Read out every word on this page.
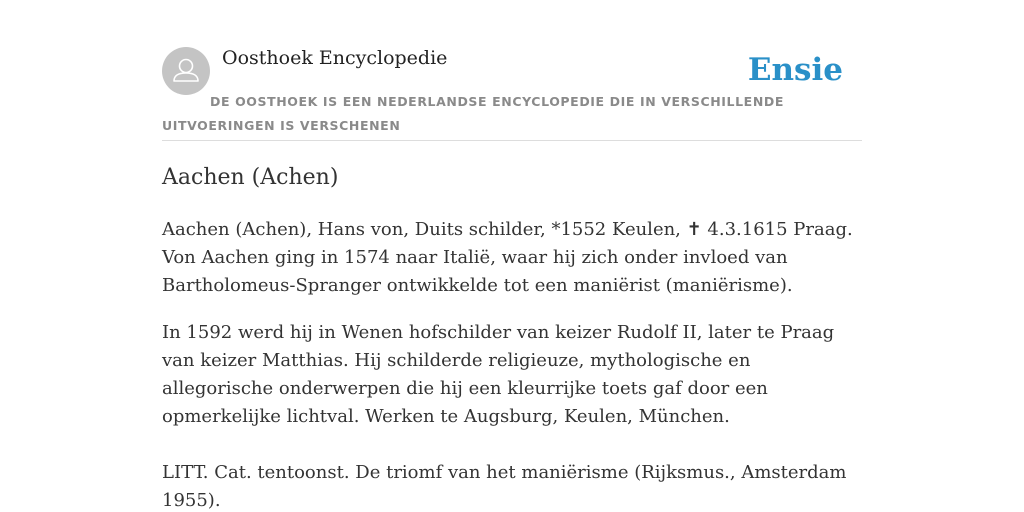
Oosthoek Encyclopedie	Ensie
DE OOSTHOEK IS EEN NEDERLANDSE ENCYCLOPEDIE DIE IN VERSCHILLENDE UITVOERINGEN IS VERSCHENEN
Aachen (Achen)

Aachen (Achen), Hans von, Duits schilder, *1552 Keulen, ✝ 4.3.1615 Praag. Von Aachen ging in 1574 naar Italië, waar hij zich onder invloed van Bartholomeus-Spranger ontwikkelde tot een maniërist (maniërisme).

In 1592 werd hij in Wenen hofschilder van keizer Rudolf II, later te Praag van keizer Matthias. Hij schilderde religieuze, mythologische en allegorische onderwerpen die hij een kleurrijke toets gaf door een opmerkelijke lichtval. Werken te Augsburg, Keulen, München.

LITT. Cat. tentoonst. De triomf van het maniërisme (Rijksmus., Amsterdam 1955).
